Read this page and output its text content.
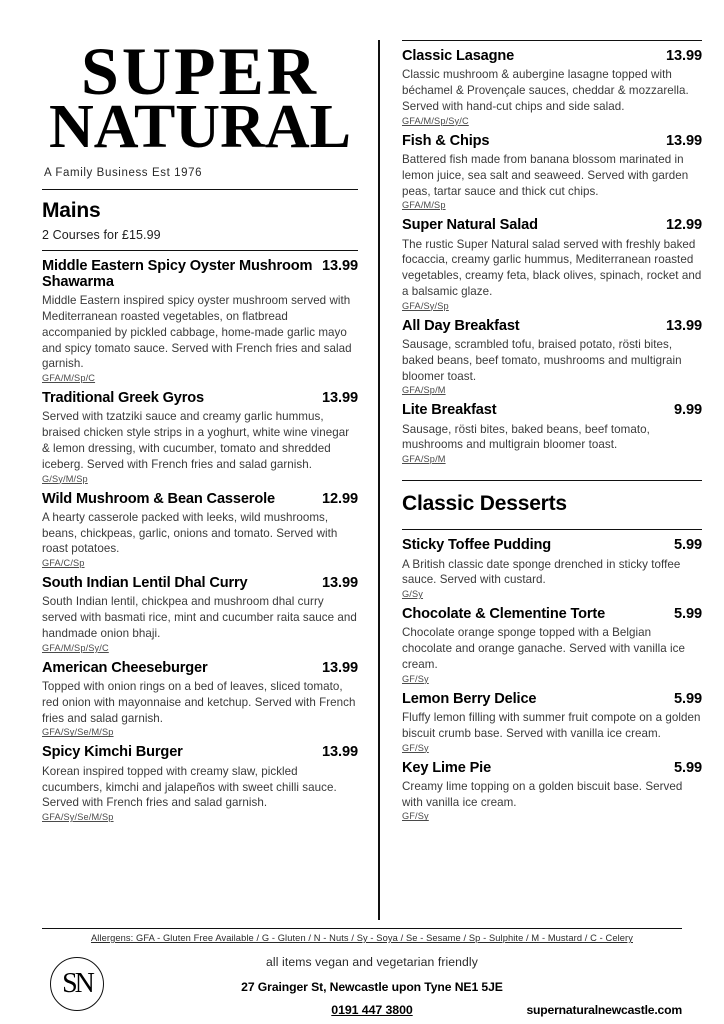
SUPER
NATURAL
A Family Business Est 1976
Mains
2 Courses for £15.99
Middle Eastern Spicy Oyster Mushroom Shawarma
13.99
Middle Eastern inspired spicy oyster mushroom served with Mediterranean roasted vegetables, on flatbread accompanied by pickled cabbage, home-made garlic mayo and spicy tomato sauce. Served with French fries and salad garnish.
GFA/M/Sp/C
Traditional Greek Gyros	13.99
Served with tzatziki sauce and creamy garlic hummus, braised chicken style strips in a yoghurt, white wine vinegar & lemon dressing, with cucumber, tomato and shredded iceberg. Served with French fries and salad garnish.
G/Sy/M/Sp
Wild Mushroom & Bean Casserole	12.99
A hearty casserole packed with leeks, wild mushrooms, beans, chickpeas, garlic, onions and tomato. Served with roast potatoes.
GFA/C/Sp
South Indian Lentil Dhal Curry	13.99
South Indian lentil, chickpea and mushroom dhal curry served with basmati rice, mint and cucumber raita sauce and handmade onion bhaji.
GFA/M/Sp/Sy/C
American Cheeseburger	13.99
Topped with onion rings on a bed of leaves, sliced tomato, red onion with mayonnaise and ketchup. Served with French fries and salad garnish.
GFA/Sy/Se/M/Sp
Spicy Kimchi Burger	13.99
Korean inspired topped with creamy slaw, pickled cucumbers, kimchi and jalapeños with sweet chilli sauce. Served with French fries and salad garnish.
GFA/Sy/Se/M/Sp
Classic Lasagne	13.99
Classic mushroom & aubergine lasagne topped with béchamel & Provençale sauces, cheddar & mozzarella. Served with hand-cut chips and side salad.
GFA/M/Sp/Sy/C
Fish & Chips	13.99
Battered fish made from banana blossom marinated in lemon juice, sea salt and seaweed. Served with garden peas, tartar sauce and thick cut chips.
GFA/M/Sp
Super Natural Salad	12.99
The rustic Super Natural salad served with freshly baked focaccia, creamy garlic hummus, Mediterranean roasted vegetables, creamy feta, black olives, spinach, rocket and a balsamic glaze.
GFA/Sy/Sp
All Day Breakfast	13.99
Sausage, scrambled tofu, braised potato, rösti bites, baked beans, beef tomato, mushrooms and multigrain bloomer toast.
GFA/Sp/M
Lite Breakfast	9.99
Sausage, rösti bites, baked beans, beef tomato, mushrooms and multigrain bloomer toast.
GFA/Sp/M
Classic Desserts
Sticky Toffee Pudding	5.99
A British classic date sponge drenched in sticky toffee sauce. Served with custard.
G/Sy
Chocolate & Clementine Torte	5.99
Chocolate orange sponge topped with a Belgian chocolate and orange ganache. Served with vanilla ice cream.
GF/Sy
Lemon Berry Delice	5.99
Fluffy lemon filling with summer fruit compote on a golden biscuit crumb base. Served with vanilla ice cream.
GF/Sy
Key Lime Pie	5.99
Creamy lime topping on a golden biscuit base. Served with vanilla ice cream.
GF/Sy
Allergens: GFA - Gluten Free Available / G - Gluten / N - Nuts / Sy - Soya / Se - Sesame / Sp - Sulphite / M - Mustard / C - Celery
SN
all items vegan and vegetarian friendly
27 Grainger St, Newcastle upon Tyne NE1 5JE
0191 447 3800	supernaturalnewcastle.com
